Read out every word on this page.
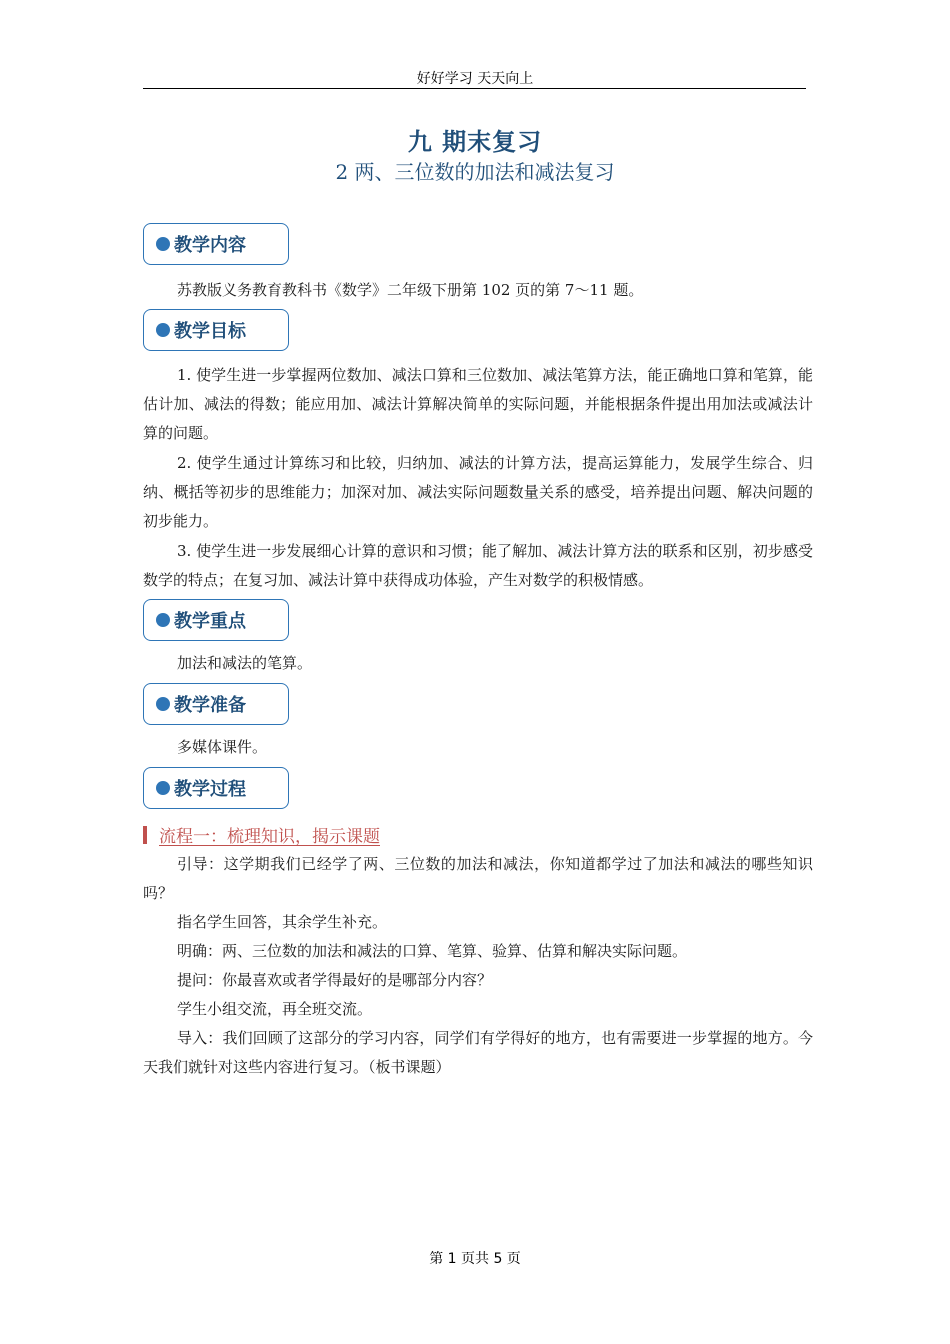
好好学习 天天向上
九 期末复习
2 两、三位数的加法和减法复习
教学内容
苏教版义务教育教科书《数学》二年级下册第 102 页的第 7～11 题。
教学目标
1. 使学生进一步掌握两位数加、减法口算和三位数加、减法笔算方法，能正确地口算和笔算，能估计加、减法的得数；能应用加、减法计算解决简单的实际问题，并能根据条件提出用加法或减法计算的问题。
2. 使学生通过计算练习和比较，归纳加、减法的计算方法，提高运算能力，发展学生综合、归纳、概括等初步的思维能力；加深对加、减法实际问题数量关系的感受，培养提出问题、解决问题的初步能力。
3. 使学生进一步发展细心计算的意识和习惯；能了解加、减法计算方法的联系和区别，初步感受数学的特点；在复习加、减法计算中获得成功体验，产生对数学的积极情感。
教学重点
加法和减法的笔算。
教学准备
多媒体课件。
教学过程
流程一：梳理知识，揭示课题
引导：这学期我们已经学了两、三位数的加法和减法，你知道都学过了加法和减法的哪些知识吗？
指名学生回答，其余学生补充。
明确：两、三位数的加法和减法的口算、笔算、验算、估算和解决实际问题。
提问：你最喜欢或者学得最好的是哪部分内容？
学生小组交流，再全班交流。
导入：我们回顾了这部分的学习内容，同学们有学得好的地方，也有需要进一步掌握的地方。今天我们就针对这些内容进行复习。（板书课题）
第 1 页共 5 页
